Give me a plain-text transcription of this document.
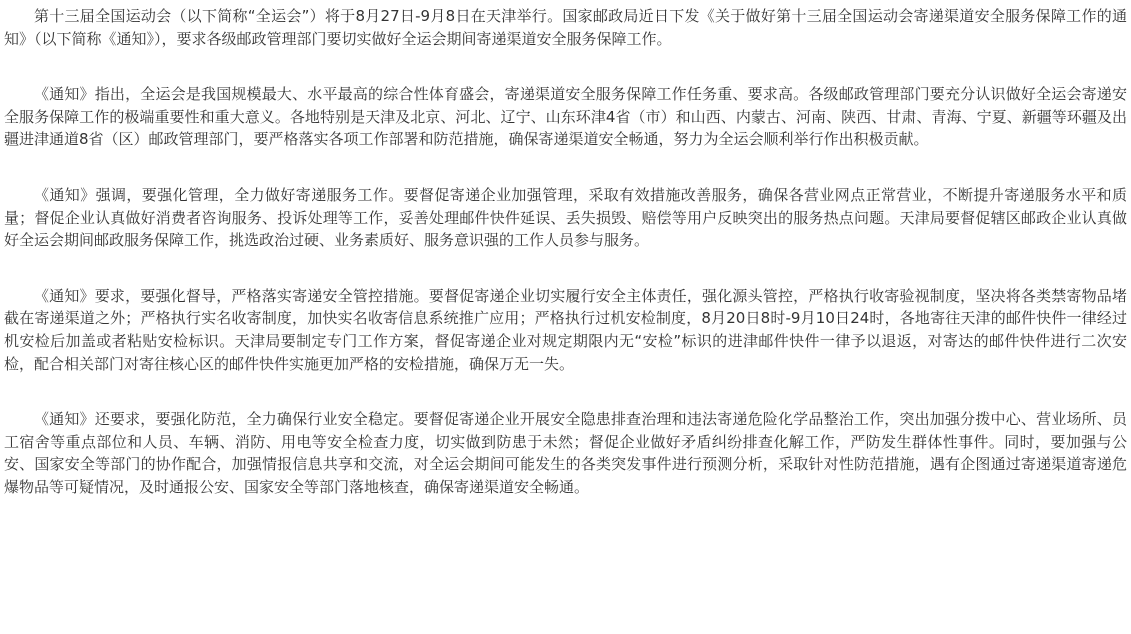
第十三届全国运动会（以下简称“全运会”）将于8月27日-9月8日在天津举行。国家邮政局近日下发《关于做好第十三届全国运动会寄递渠道安全服务保障工作的通知》（以下简称《通知》），要求各级邮政管理部门要切实做好全运会期间寄递渠道安全服务保障工作。

《通知》指出，全运会是我国规模最大、水平最高的综合性体育盛会，寄递渠道安全服务保障工作任务重、要求高。各级邮政管理部门要充分认识做好全运会寄递安全服务保障工作的极端重要性和重大意义。各地特别是天津及北京、河北、辽宁、山东环津4省（市）和山西、内蒙古、河南、陕西、甘肃、青海、宁夏、新疆等环疆及出疆进津通道8省（区）邮政管理部门，要严格落实各项工作部署和防范措施，确保寄递渠道安全畅通，努力为全运会顺利举行作出积极贡献。

《通知》强调，要强化管理，全力做好寄递服务工作。要督促寄递企业加强管理，采取有效措施改善服务，确保各营业网点正常营业，不断提升寄递服务水平和质量；督促企业认真做好消费者咨询服务、投诉处理等工作，妥善处理邮件快件延误、丢失损毁、赔偿等用户反映突出的服务热点问题。天津局要督促辖区邮政企业认真做好全运会期间邮政服务保障工作，挑选政治过硬、业务素质好、服务意识强的工作人员参与服务。

《通知》要求，要强化督导，严格落实寄递安全管控措施。要督促寄递企业切实履行安全主体责任，强化源头管控，严格执行收寄验视制度，坚决将各类禁寄物品堵截在寄递渠道之外；严格执行实名收寄制度，加快实名收寄信息系统推广应用；严格执行过机安检制度，8月20日8时-9月10日24时，各地寄往天津的邮件快件一律经过机安检后加盖或者粘贴安检标识。天津局要制定专门工作方案，督促寄递企业对规定期限内无“安检”标识的进津邮件快件一律予以退返，对寄达的邮件快件进行二次安检，配合相关部门对寄往核心区的邮件快件实施更加严格的安检措施，确保万无一失。

《通知》还要求，要强化防范，全力确保行业安全稳定。要督促寄递企业开展安全隐患排查治理和违法寄递危险化学品整治工作，突出加强分拨中心、营业场所、员工宿舍等重点部位和人员、车辆、消防、用电等安全检查力度，切实做到防患于未然；督促企业做好矛盾纠纷排查化解工作，严防发生群体性事件。同时，要加强与公安、国家安全等部门的协作配合，加强情报信息共享和交流，对全运会期间可能发生的各类突发事件进行预测分析，采取针对性防范措施，遇有企图通过寄递渠道寄递危爆物品等可疑情况，及时通报公安、国家安全等部门落地核查，确保寄递渠道安全畅通。
